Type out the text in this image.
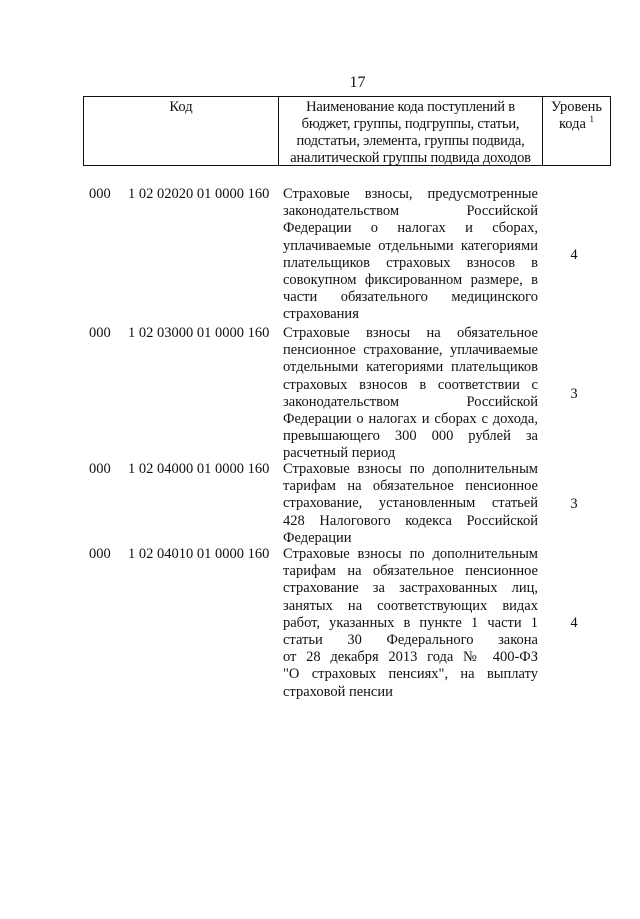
17
Код	Наименование кода поступлений в
бюджет, группы, подгруппы, статьи,
подстатьи, элемента, группы подвида,
аналитической группы подвида доходов
Уровень
кода $^1$
000 1 02 02020 01 0000 160 Страховые взносы, предусмотренные
законодательством Российской
Федерации о налогах и сборах,
уплачиваемые отдельными категориями
плательщиков страховых взносов в
совокупном фиксированном размере, в
части обязательного медицинского
страхования
4
000 1 02 03000 01 0000 160 Страховые взносы на обязательное
пенсионное страхование, уплачиваемые
отдельными категориями плательщиков
страховых взносов в соответствии с
законодательством Российской
Федерации о налогах и сборах с дохода,
превышающего 300 000 рублей за
расчетный период
3
000 1 02 04000 01 0000 160 Страховые взносы по дополнительным
тарифам на обязательное пенсионное
страхование, установленным статьей
428 Налогового кодекса Российской
Федерации
3
000 1 02 04010 01 0000 160 Страховые взносы по дополнительным
тарифам на обязательное пенсионное
страхование за застрахованных лиц,
занятых на соответствующих видах
работ, указанных в пункте 1 части 1
статьи 30 Федерального закона
от 28 декабря 2013 года № 400-ФЗ
"О страховых пенсиях", на выплату
страховой пенсии
4
